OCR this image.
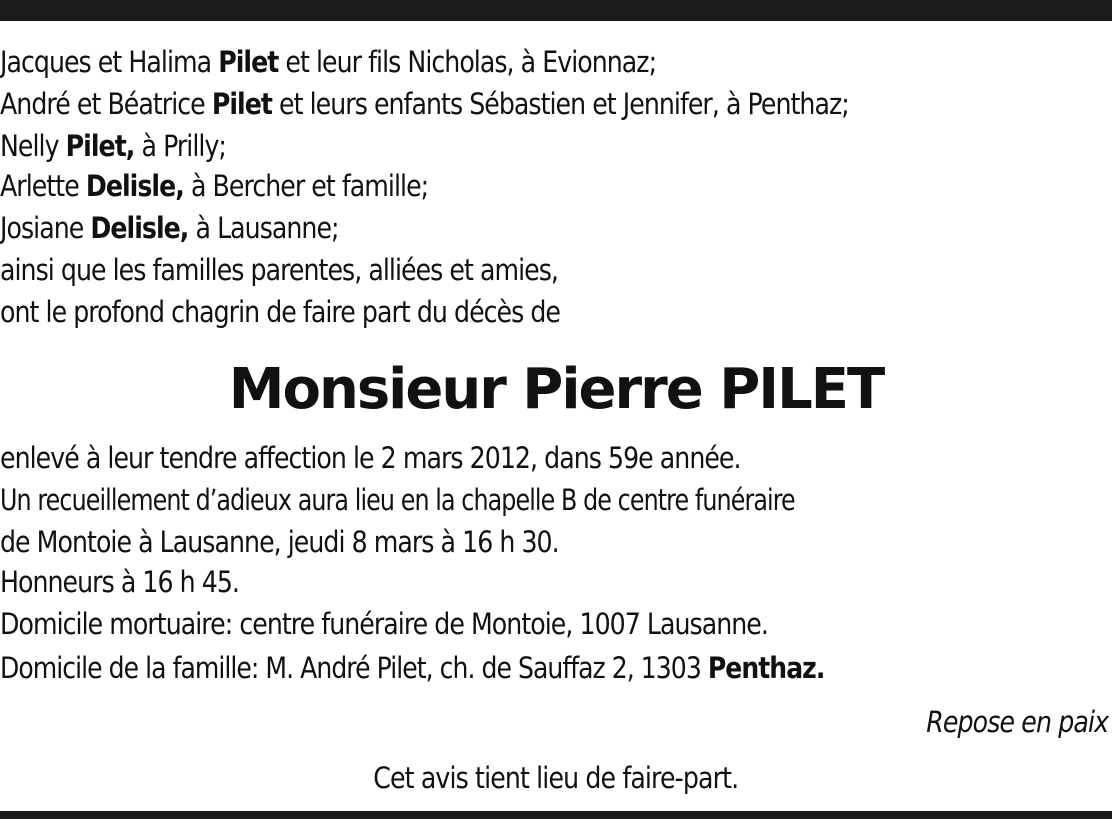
Jacques et Halima Pilet et leur fils Nicholas, à Evionnaz;
André et Béatrice Pilet et leurs enfants Sébastien et Jennifer, à Penthaz;
Nelly Pilet, à Prilly;
Arlette Delisle, à Bercher et famille;
Josiane Delisle, à Lausanne;
ainsi que les familles parentes, alliées et amies,
ont le profond chagrin de faire part du décès de
Monsieur Pierre PILET
enlevé à leur tendre affection le 2 mars 2012, dans 59e année.
Un recueillement d’adieux aura lieu en la chapelle B de centre funéraire
de Montoie à Lausanne, jeudi 8 mars à 16 h 30.
Honneurs à 16 h 45.
Domicile mortuaire: centre funéraire de Montoie, 1007 Lausanne.
Domicile de la famille: M. André Pilet, ch. de Sauffaz 2, 1303 Penthaz.
Repose en paix
Cet avis tient lieu de faire-part.
